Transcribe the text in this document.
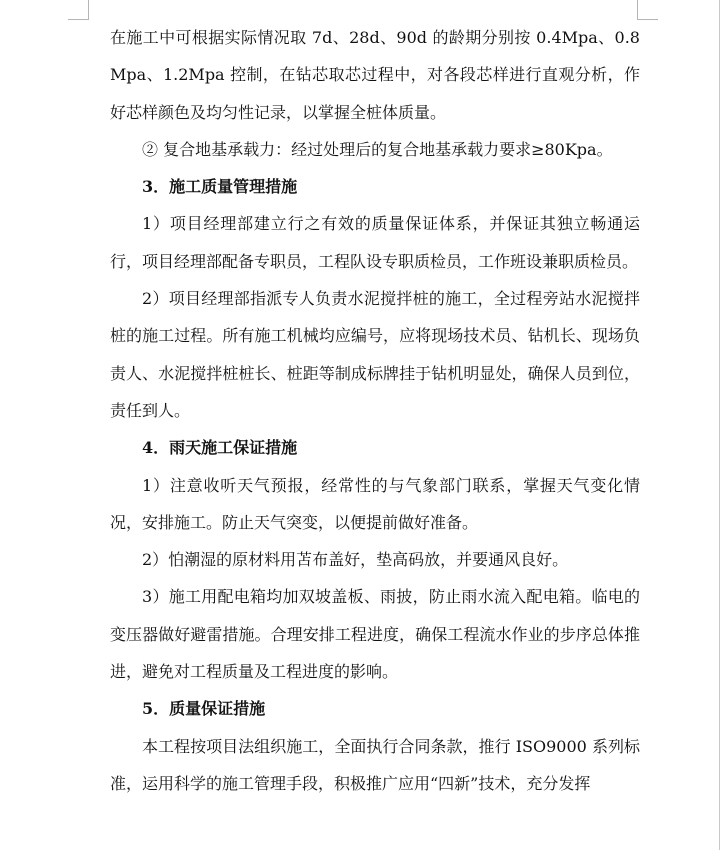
在施工中可根据实际情况取 7d、28d、90d 的龄期分别按 0.4Mpa、0.8Mpa、1.2Mpa 控制，在钻芯取芯过程中，对各段芯样进行直观分析，作好芯样颜色及均匀性记录，以掌握全桩体质量。

② 复合地基承载力：经过处理后的复合地基承载力要求≥80Kpa。

3．施工质量管理措施

1）项目经理部建立行之有效的质量保证体系，并保证其独立畅通运行，项目经理部配备专职员，工程队设专职质检员，工作班设兼职质检员。

2）项目经理部指派专人负责水泥搅拌桩的施工，全过程旁站水泥搅拌桩的施工过程。所有施工机械均应编号，应将现场技术员、钻机长、现场负责人、水泥搅拌桩桩长、桩距等制成标牌挂于钻机明显处，确保人员到位，责任到人。

4．雨天施工保证措施

1）注意收听天气预报，经常性的与气象部门联系，掌握天气变化情况，安排施工。防止天气突变，以便提前做好准备。

2）怕潮湿的原材料用苫布盖好，垫高码放，并要通风良好。

3）施工用配电箱均加双坡盖板、雨披，防止雨水流入配电箱。临电的变压器做好避雷措施。合理安排工程进度，确保工程流水作业的步序总体推进，避免对工程质量及工程进度的影响。

5．质量保证措施

本工程按项目法组织施工，全面执行合同条款，推行 ISO9000 系列标准，运用科学的施工管理手段，积极推广应用“四新”技术，充分发挥
